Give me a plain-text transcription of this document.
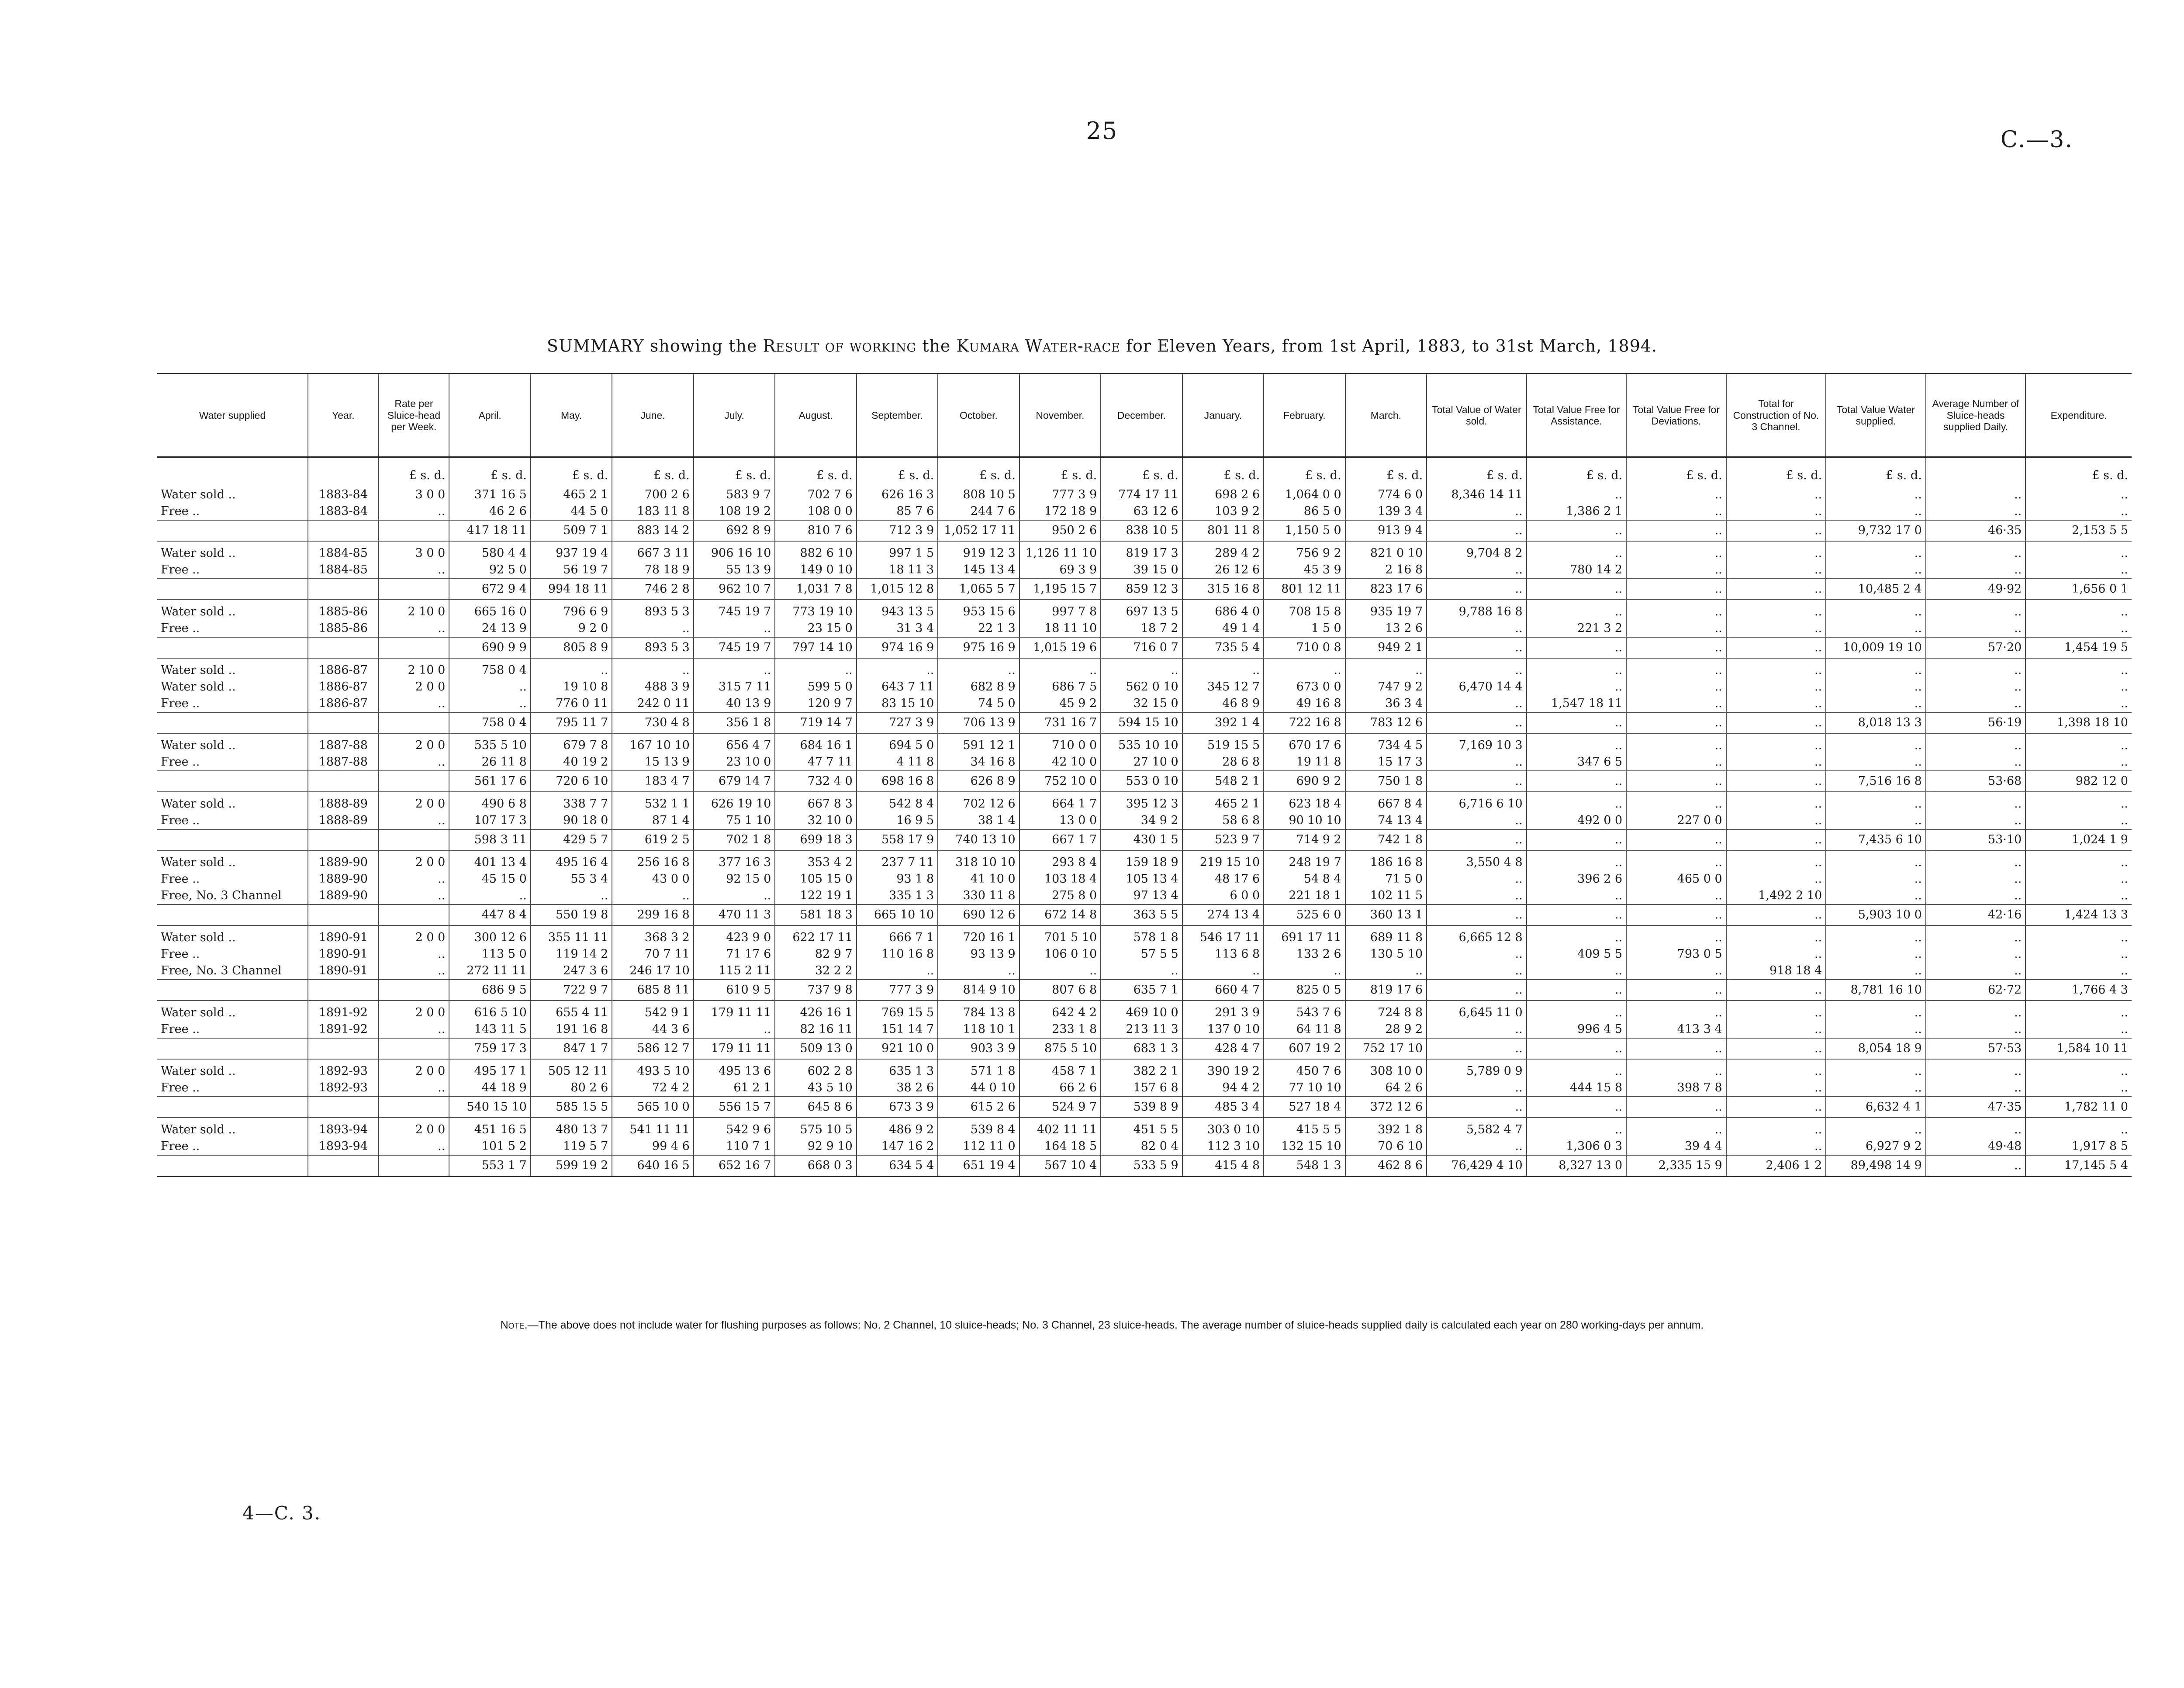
25	C.—3.
SUMMARY showing the Result of working the Kumara Water-race for Eleven Years, from 1st April, 1883, to 31st March, 1894.
Water supplied	Year.	Rate per Sluice-head per Week.	April.	May.	June.	July.	August.	September.	October.	November.	December.	January.	February.	March.	Total Value of Water sold.	Total Value Free for Assistance.	Total Value Free for Deviations.	Total for Construction of No. 3 Channel.	Total Value Water supplied.	Average Number of Sluice-heads supplied Daily.	Expenditure.
		£ s. d.	£ s. d.	£ s. d.	£ s. d.	£ s. d.	£ s. d.	£ s. d.	£ s. d.	£ s. d.	£ s. d.	£ s. d.	£ s. d.	£ s. d.	£ s. d.	£ s. d.	£ s. d.	£ s. d.	£ s. d.		£ s. d.
Water sold ..	1883-84	3 0 0	371 16 5	465 2 1	700 2 6	583 9 7	702 7 6	626 16 3	808 10 5	777 3 9	774 17 11	698 2 6	1,064 0 0	774 6 0	8,346 14 11	..	..	..	..	..	..
Free ..	1883-84	..	46 2 6	44 5 0	183 11 8	108 19 2	108 0 0	85 7 6	244 7 6	172 18 9	63 12 6	103 9 2	86 5 0	139 3 4	..	1,386 2 1	..	..	..	..	..
			417 18 11	509 7 1	883 14 2	692 8 9	810 7 6	712 3 9	1,052 17 11	950 2 6	838 10 5	801 11 8	1,150 5 0	913 9 4	..	..	..	..	9,732 17 0	46·35	2,153 5 5
Water sold ..	1884-85	3 0 0	580 4 4	937 19 4	667 3 11	906 16 10	882 6 10	997 1 5	919 12 3	1,126 11 10	819 17 3	289 4 2	756 9 2	821 0 10	9,704 8 2	..	..	..	..	..	..
Free ..	1884-85	..	92 5 0	56 19 7	78 18 9	55 13 9	149 0 10	18 11 3	145 13 4	69 3 9	39 15 0	26 12 6	45 3 9	2 16 8	..	780 14 2	..	..	..	..	..
			672 9 4	994 18 11	746 2 8	962 10 7	1,031 7 8	1,015 12 8	1,065 5 7	1,195 15 7	859 12 3	315 16 8	801 12 11	823 17 6	..	..	..	..	10,485 2 4	49·92	1,656 0 1
Water sold ..	1885-86	2 10 0	665 16 0	796 6 9	893 5 3	745 19 7	773 19 10	943 13 5	953 15 6	997 7 8	697 13 5	686 4 0	708 15 8	935 19 7	9,788 16 8	..	..	..	..	..	..
Free ..	1885-86	..	24 13 9	9 2 0	..	..	23 15 0	31 3 4	22 1 3	18 11 10	18 7 2	49 1 4	1 5 0	13 2 6	..	221 3 2	..	..	..	..	..
			690 9 9	805 8 9	893 5 3	745 19 7	797 14 10	974 16 9	975 16 9	1,015 19 6	716 0 7	735 5 4	710 0 8	949 2 1	..	..	..	..	10,009 19 10	57·20	1,454 19 5
Water sold ..	1886-87	2 10 0	758 0 4	..	..	..	..	..	..	..	..	..	..	..	..	..	..	..	..	..	..
Water sold ..	1886-87	2 0 0	..	19 10 8	488 3 9	315 7 11	599 5 0	643 7 11	682 8 9	686 7 5	562 0 10	345 12 7	673 0 0	747 9 2	6,470 14 4	..	..	..	..	..	..
Free ..	1886-87	..	..	776 0 11	242 0 11	40 13 9	120 9 7	83 15 10	74 5 0	45 9 2	32 15 0	46 8 9	49 16 8	36 3 4	..	1,547 18 11	..	..	..	..	..
			758 0 4	795 11 7	730 4 8	356 1 8	719 14 7	727 3 9	706 13 9	731 16 7	594 15 10	392 1 4	722 16 8	783 12 6	..	..	..	..	8,018 13 3	56·19	1,398 18 10
Water sold ..	1887-88	2 0 0	535 5 10	679 7 8	167 10 10	656 4 7	684 16 1	694 5 0	591 12 1	710 0 0	535 10 10	519 15 5	670 17 6	734 4 5	7,169 10 3	..	..	..	..	..	..
Free ..	1887-88	..	26 11 8	40 19 2	15 13 9	23 10 0	47 7 11	4 11 8	34 16 8	42 10 0	27 10 0	28 6 8	19 11 8	15 17 3	..	347 6 5	..	..	..	..	..
			561 17 6	720 6 10	183 4 7	679 14 7	732 4 0	698 16 8	626 8 9	752 10 0	553 0 10	548 2 1	690 9 2	750 1 8	..	..	..	..	7,516 16 8	53·68	982 12 0
Water sold ..	1888-89	2 0 0	490 6 8	338 7 7	532 1 1	626 19 10	667 8 3	542 8 4	702 12 6	664 1 7	395 12 3	465 2 1	623 18 4	667 8 4	6,716 6 10	..	..	..	..	..	..
Free ..	1888-89	..	107 17 3	90 18 0	87 1 4	75 1 10	32 10 0	16 9 5	38 1 4	13 0 0	34 9 2	58 6 8	90 10 10	74 13 4	..	492 0 0	227 0 0	..	..	..	..
			598 3 11	429 5 7	619 2 5	702 1 8	699 18 3	558 17 9	740 13 10	667 1 7	430 1 5	523 9 7	714 9 2	742 1 8	..	..	..	..	7,435 6 10	53·10	1,024 1 9
Water sold ..	1889-90	2 0 0	401 13 4	495 16 4	256 16 8	377 16 3	353 4 2	237 7 11	318 10 10	293 8 4	159 18 9	219 15 10	248 19 7	186 16 8	3,550 4 8	..	..	..	..	..	..
Free ..	1889-90	..	45 15 0	55 3 4	43 0 0	92 15 0	105 15 0	93 1 8	41 10 0	103 18 4	105 13 4	48 17 6	54 8 4	71 5 0	..	396 2 6	465 0 0	..	..	..	..
Free, No. 3 Channel	1889-90	..	..	..	..	..	122 19 1	335 1 3	330 11 8	275 8 0	97 13 4	6 0 0	221 18 1	102 11 5	..	..	..	1,492 2 10	..	..	..
			447 8 4	550 19 8	299 16 8	470 11 3	581 18 3	665 10 10	690 12 6	672 14 8	363 5 5	274 13 4	525 6 0	360 13 1	..	..	..	..	5,903 10 0	42·16	1,424 13 3
Water sold ..	1890-91	2 0 0	300 12 6	355 11 11	368 3 2	423 9 0	622 17 11	666 7 1	720 16 1	701 5 10	578 1 8	546 17 11	691 17 11	689 11 8	6,665 12 8	..	..	..	..	..	..
Free ..	1890-91	..	113 5 0	119 14 2	70 7 11	71 17 6	82 9 7	110 16 8	93 13 9	106 0 10	57 5 5	113 6 8	133 2 6	130 5 10	..	409 5 5	793 0 5	..	..	..	..
Free, No. 3 Channel	1890-91	..	272 11 11	247 3 6	246 17 10	115 2 11	32 2 2	..	..	..	..	..	..	..	..	..	..	918 18 4	..	..	..
			686 9 5	722 9 7	685 8 11	610 9 5	737 9 8	777 3 9	814 9 10	807 6 8	635 7 1	660 4 7	825 0 5	819 17 6	..	..	..	..	8,781 16 10	62·72	1,766 4 3
Water sold ..	1891-92	2 0 0	616 5 10	655 4 11	542 9 1	179 11 11	426 16 1	769 15 5	784 13 8	642 4 2	469 10 0	291 3 9	543 7 6	724 8 8	6,645 11 0	..	..	..	..	..	..
Free ..	1891-92	..	143 11 5	191 16 8	44 3 6	..	82 16 11	151 14 7	118 10 1	233 1 8	213 11 3	137 0 10	64 11 8	28 9 2	..	996 4 5	413 3 4	..	..	..	..
			759 17 3	847 1 7	586 12 7	179 11 11	509 13 0	921 10 0	903 3 9	875 5 10	683 1 3	428 4 7	607 19 2	752 17 10	..	..	..	..	8,054 18 9	57·53	1,584 10 11
Water sold ..	1892-93	2 0 0	495 17 1	505 12 11	493 5 10	495 13 6	602 2 8	635 1 3	571 1 8	458 7 1	382 2 1	390 19 2	450 7 6	308 10 0	5,789 0 9	..	..	..	..	..	..
Free ..	1892-93	..	44 18 9	80 2 6	72 4 2	61 2 1	43 5 10	38 2 6	44 0 10	66 2 6	157 6 8	94 4 2	77 10 10	64 2 6	..	444 15 8	398 7 8	..	..	..	..
			540 15 10	585 15 5	565 10 0	556 15 7	645 8 6	673 3 9	615 2 6	524 9 7	539 8 9	485 3 4	527 18 4	372 12 6	..	..	..	..	6,632 4 1	47·35	1,782 11 0
Water sold ..	1893-94	2 0 0	451 16 5	480 13 7	541 11 11	542 9 6	575 10 5	486 9 2	539 8 4	402 11 11	451 5 5	303 0 10	415 5 5	392 1 8	5,582 4 7	..	..	..	..	..	..
Free ..	1893-94	..	101 5 2	119 5 7	99 4 6	110 7 1	92 9 10	147 16 2	112 11 0	164 18 5	82 0 4	112 3 10	132 15 10	70 6 10	..	1,306 0 3	39 4 4	..	6,927 9 2	49·48	1,917 8 5
			553 1 7	599 19 2	640 16 5	652 16 7	668 0 3	634 5 4	651 19 4	567 10 4	533 5 9	415 4 8	548 1 3	462 8 6	76,429 4 10	8,327 13 0	2,335 15 9	2,406 1 2	89,498 14 9	..	17,145 5 4
Note.—The above does not include water for flushing purposes as follows: No. 2 Channel, 10 sluice-heads; No. 3 Channel, 23 sluice-heads. The average number of sluice-heads supplied daily is calculated each year on 280 working-days per annum.
4—C. 3.
